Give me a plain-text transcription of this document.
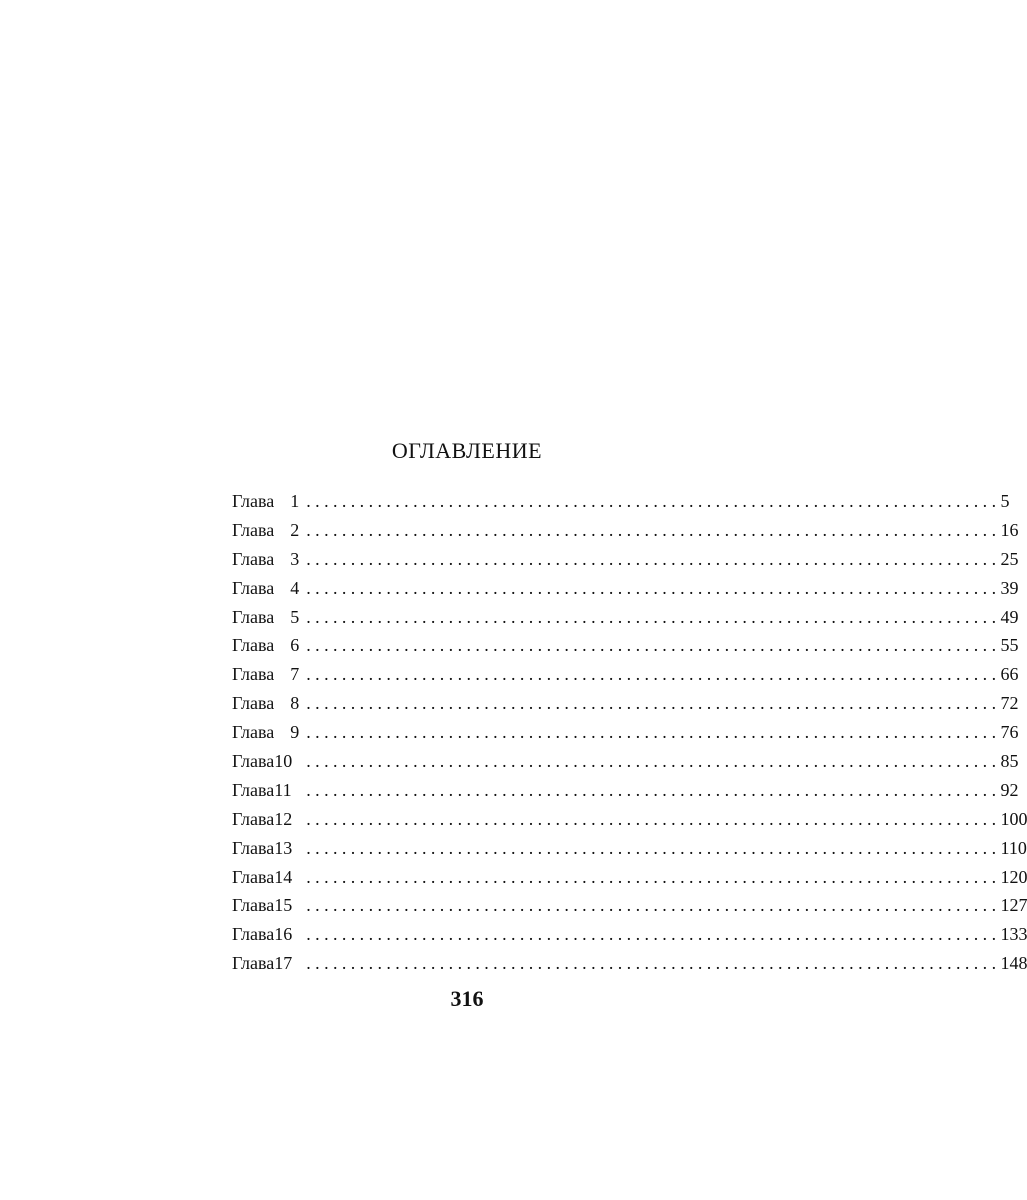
ОГЛАВЛЕНИЕ
Глава 1 .............................................................................. 5
Глава 2 .............................................................................. 16
Глава 3 .............................................................................. 25
Глава 4 .............................................................................. 39
Глава 5 .............................................................................. 49
Глава 6 .............................................................................. 55
Глава 7 .............................................................................. 66
Глава 8 .............................................................................. 72
Глава 9 .............................................................................. 76
Глава 10 .............................................................................. 85
Глава 11 .............................................................................. 92
Глава 12 .............................................................................. 100
Глава 13 .............................................................................. 110
Глава 14 .............................................................................. 120
Глава 15 .............................................................................. 127
Глава 16 .............................................................................. 133
Глава 17 .............................................................................. 148
316
